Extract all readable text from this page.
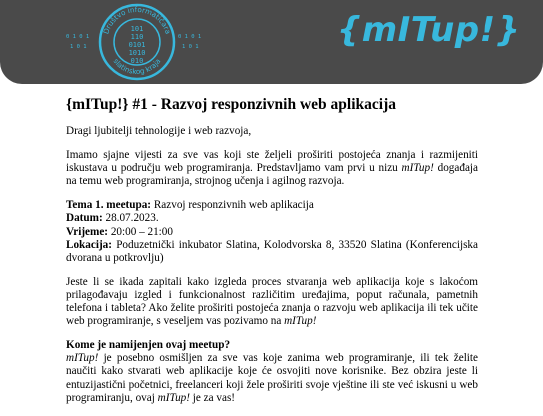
Društvo informatičara
slatinskog kraja
101
110
0101
1010
010
0 1 0 1
1 0 1
0 1 0 1
1 0 1	{mITup!}
{mITup!} #1 - Razvoj responzivnih web aplikacija

Dragi ljubitelji tehnologije i web razvoja,

Imamo sjajne vijesti za sve vas koji ste željeli proširiti postojeća znanja i razmijeniti iskustava u području web programiranja. Predstavljamo vam prvi u nizu mITup! događaja na temu web programiranja, strojnog učenja i agilnog razvoja.

Tema 1. meetupa: Razvoj responzivnih web aplikacija
Datum: 28.07.2023.
Vrijeme: 20:00 – 21:00
Lokacija: Poduzetnički inkubator Slatina, Kolodvorska 8, 33520 Slatina (Konferencijska dvorana u potkrovlju)

Jeste li se ikada zapitali kako izgleda proces stvaranja web aplikacija koje s lakoćom prilagođavaju izgled i funkcionalnost različitim uređajima, poput računala, pametnih telefona i tableta? Ako želite proširiti postojeća znanja o razvoju web aplikacija ili tek učite web programiranje, s veseljem vas pozivamo na mITup!

Kome je namijenjen ovaj meetup?
mITup! je posebno osmišljen za sve vas koje zanima web programiranje, ili tek želite naučiti kako stvarati web aplikacije koje će osvojiti nove korisnike. Bez obzira jeste li entuzijastični početnici, freelanceri koji žele proširiti svoje vještine ili ste već iskusni u web programiranju, ovaj mITup! je za vas!
